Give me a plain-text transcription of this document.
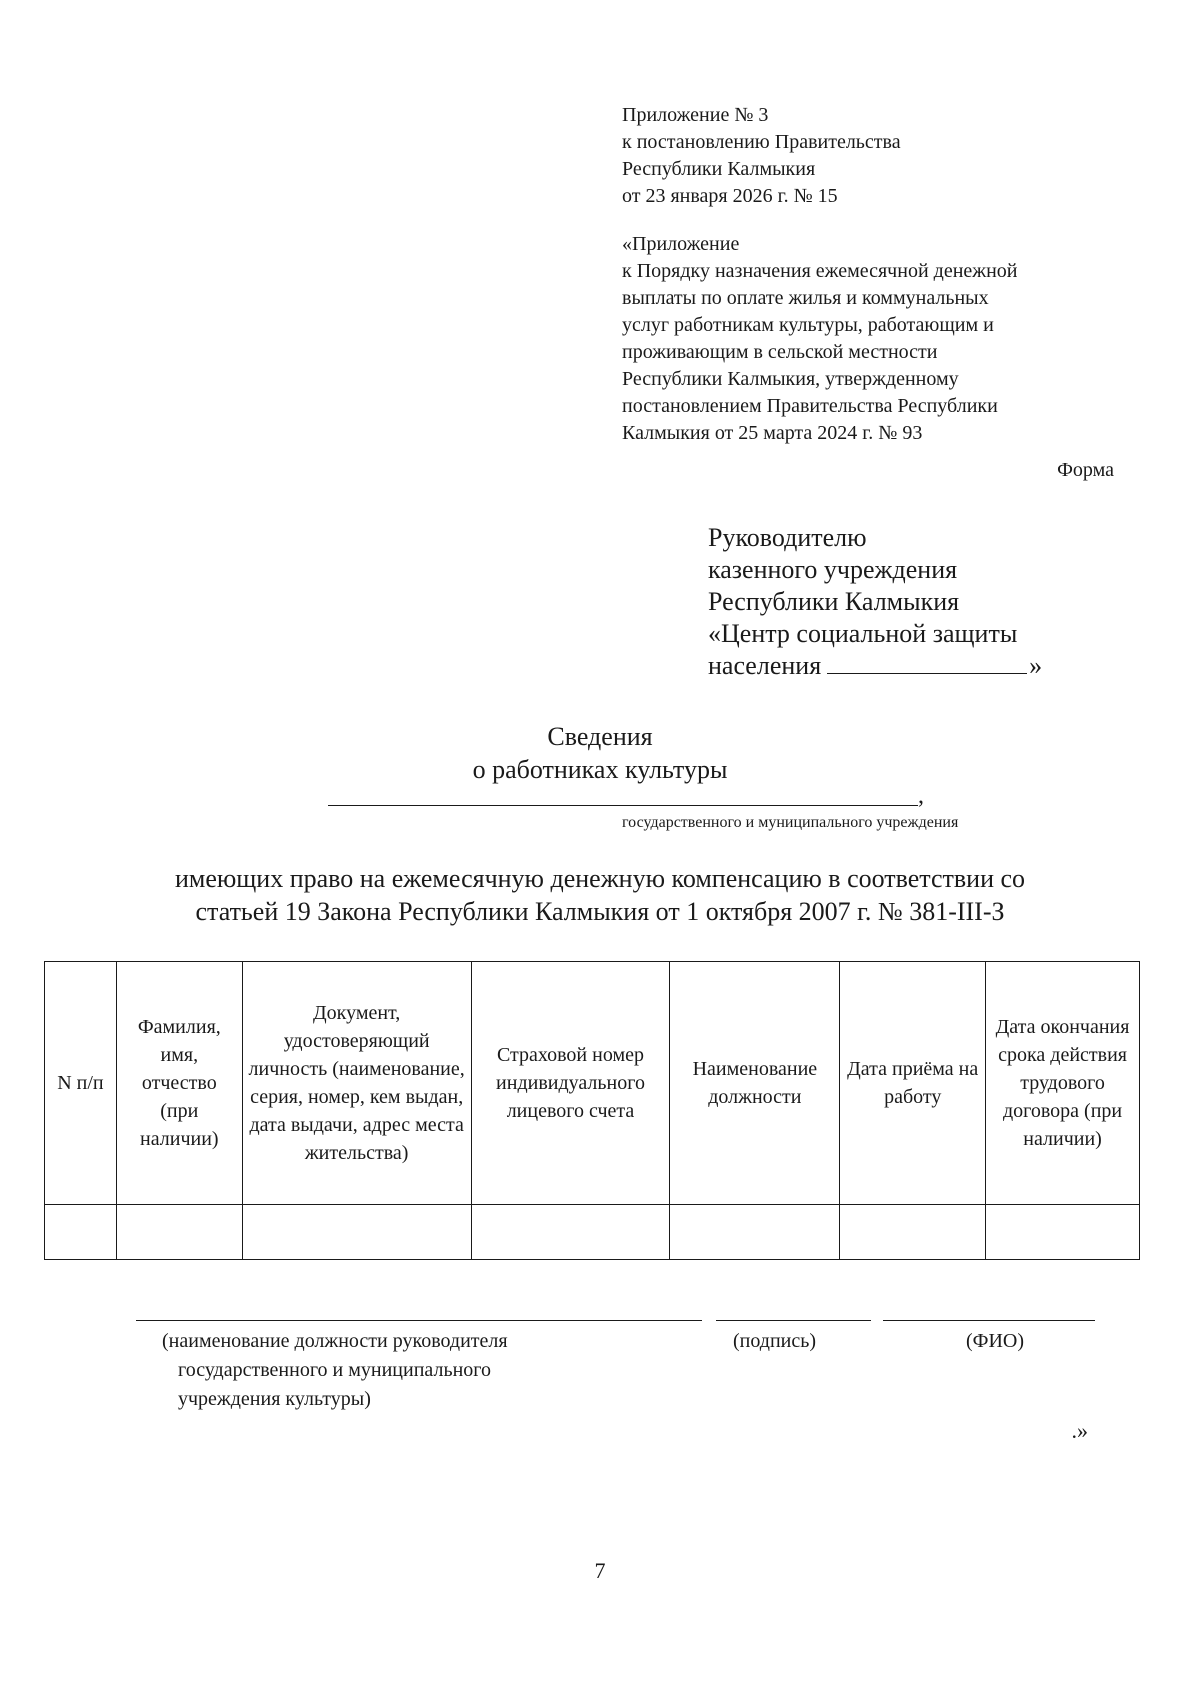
Приложение № 3
к постановлению Правительства
Республики Калмыкия
от 23 января 2026 г. № 15
«Приложение
к Порядку назначения ежемесячной денежной
выплаты по оплате жилья и коммунальных
услуг работникам культуры, работающим и
проживающим в сельской местности
Республики Калмыкия, утвержденному
постановлением Правительства Республики
Калмыкия от 25 марта 2024 г. № 93
Форма
Руководителю
казенного учреждения
Республики Калмыкия
«Центр социальной защиты
населения	»
Сведения
о работниках культуры
,
государственного и муниципального учреждения
имеющих право на ежемесячную денежную компенсацию в соответствии со
статьей 19 Закона Республики Калмыкия от 1 октября 2007 г. № 381-III-З
N п/п	Фамилия, имя, отчество (при наличии)	Документ, удостоверяющий личность (наименование, серия, номер, кем выдан, дата выдачи, адрес места жительства)	Страховой номер индивидуального лицевого счета	Наименование должности	Дата приёма на работу	Дата окончания срока действия трудового договора (при наличии)

(наименование должности руководителя
государственного и муниципального
учреждения культуры)
(подпись)	(ФИО)
.»
7
